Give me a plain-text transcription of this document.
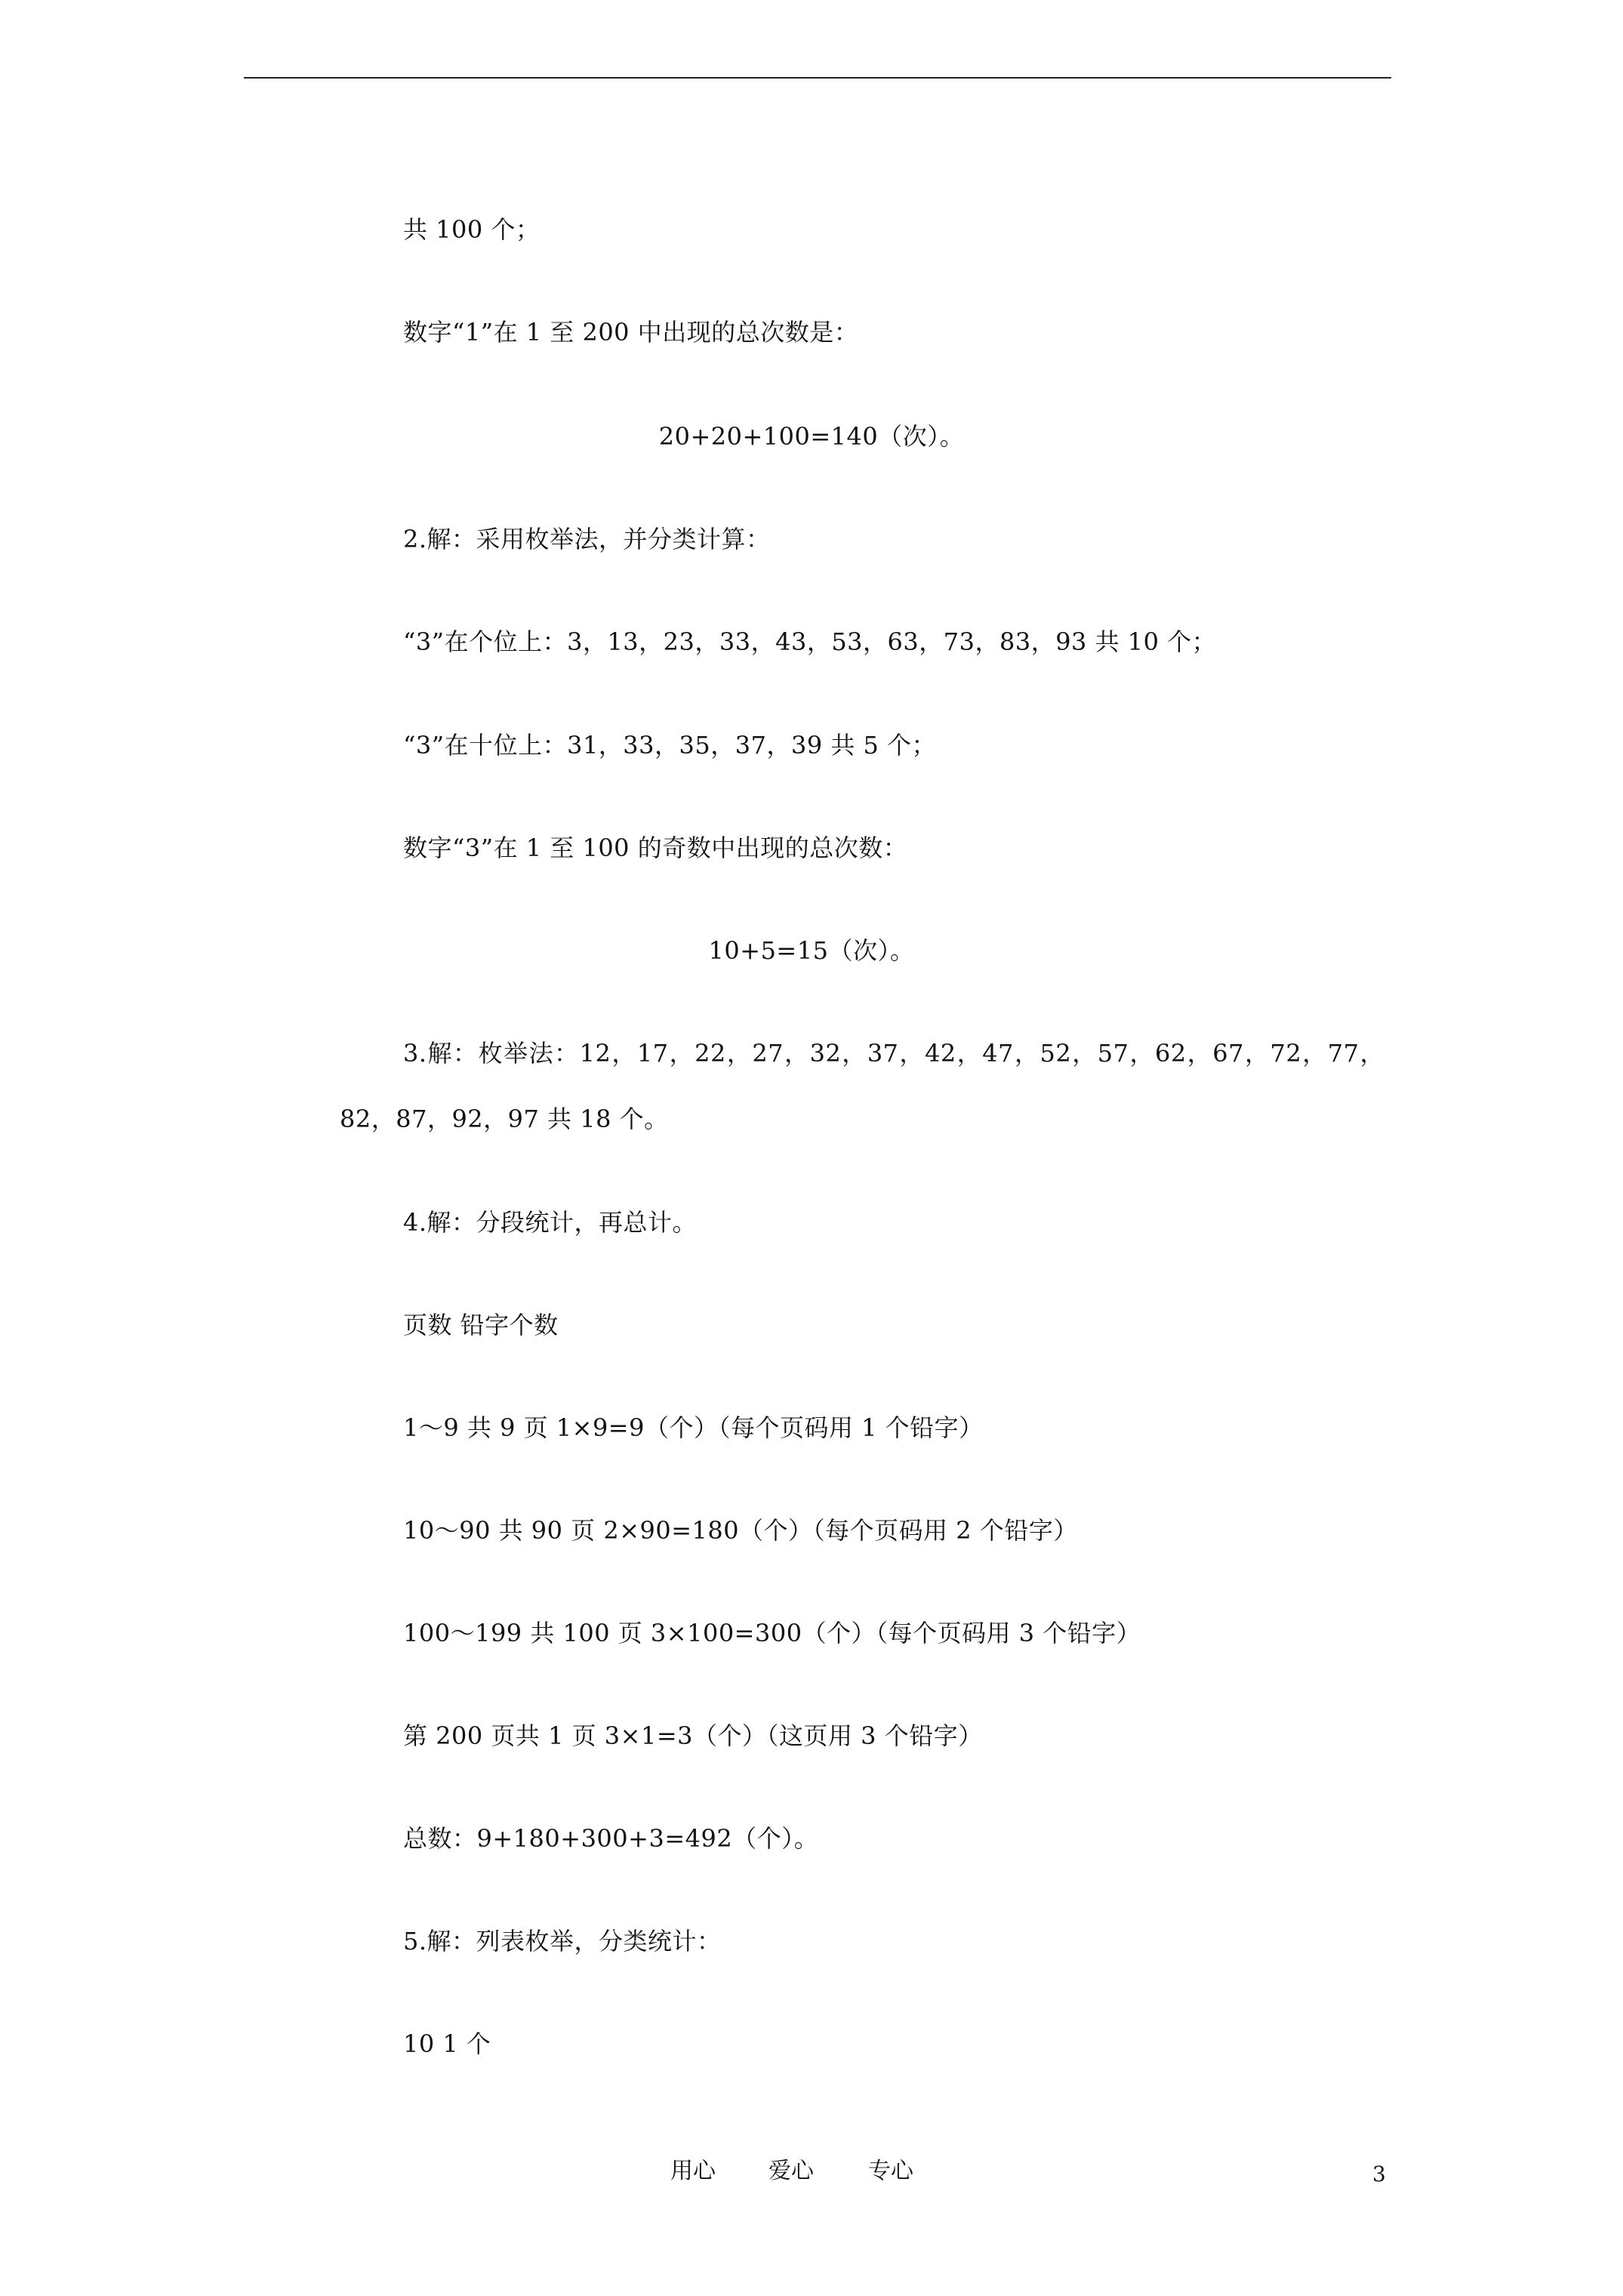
共 100 个；
数字“1”在 1 至 200 中出现的总次数是：
20+20+100=140（次）。
2.解：采用枚举法，并分类计算：
“3”在个位上：3，13，23，33，43，53，63，73，83，93 共 10 个；
“3”在十位上：31，33，35，37，39 共 5 个；
数字“3”在 1 至 100 的奇数中出现的总次数：
10+5=15（次）。
3.解：枚举法：12，17，22，27，32，37，42，47，52，57，62，67，72，77，
82，87，92，97 共 18 个。
4.解：分段统计，再总计。
页数 铅字个数
1～9 共 9 页 1×9=9（个）（每个页码用 1 个铅字）
10～90 共 90 页 2×90=180（个）（每个页码用 2 个铅字）
100～199 共 100 页 3×100=300（个）（每个页码用 3 个铅字）
第 200 页共 1 页 3×1=3（个）（这页用 3 个铅字）
总数：9+180+300+3=492（个）。
5.解：列表枚举，分类统计：
10 1 个
用心 爱心 专心	3
